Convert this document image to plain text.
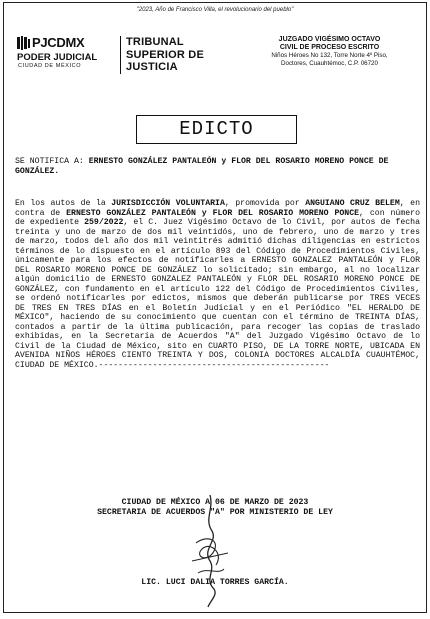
"2023, Año de Francisco Villa, el revolucionario del pueblo"
PJCDMX
PODER JUDICIAL
CIUDAD DE MÉXICO
TRIBUNAL
SUPERIOR DE
JUSTICIA
JUZGADO VIGÉSIMO OCTAVO
CIVIL DE PROCESO ESCRITO
Niños Héroes No 132, Torre Norte 4º Piso,
Doctores, Cuauhtémoc, C.P. 06720
EDICTO
SE NOTIFICA A: ERNESTO GONZÁLEZ PANTALEÓN y FLOR DEL ROSARIO MORENO PONCE DE GONZÁLEZ.
En los autos de la JURISDICCIÓN VOLUNTARIA, promovida por ANGUIANO CRUZ BELEM, en contra de ERNESTO GONZÁLEZ PANTALEÓN y FLOR DEL ROSARIO MORENO PONCE, con número de expediente 259/2022, el C. Juez Vigésimo Octavo de lo Civil, por autos de fecha treinta y uno de marzo de dos mil veintidós, uno de febrero, uno de marzo y tres de marzo, todos del año dos mil veintitrés admitió dichas diligencias en estrictos términos de lo dispuesto en el artículo 893 del Código de Procedimientos Civiles, únicamente para los efectos de notificarles a ERNESTO GONZALEZ PANTALEÓN y FLOR DEL ROSARIO MORENO PONCE DE GONZÁLEZ lo solicitado; sin embargo, al no localizar algún domicilio de ERNESTO GONZALEZ PANTALEÓN y FLOR DEL ROSARIO MORENO PONCE DE GONZÁLEZ, con fundamento en el artículo 122 del Código de Procedimientos Civiles, se ordenó notificarles por edictos, mismos que deberán publicarse por TRES VECES DE TRES EN TRES DÍAS en el Boletín Judicial y en el Periódico "EL HERALDO DE MÉXICO", haciendo de su conocimiento que cuentan con el término de TREINTA DÍAS, contados a partir de la última publicación, para recoger las copias de traslado exhibidas, en la Secretaría de Acuerdos "A" del Juzgado Vigésimo Octavo de lo Civil de la Ciudad de México, sito en CUARTO PISO, DE LA TORRE NORTE, UBICADA EN AVENIDA NIÑOS HÉROES CIENTO TREINTA Y DOS, COLONIA DOCTORES ALCALDÍA CUAUHTÉMOC, CIUDAD DE MÉXICO.-----------------------------------------------
CIUDAD DE MÉXICO A 06 DE MARZO DE 2023
SECRETARIA DE ACUERDOS "A" POR MINISTERIO DE LEY
LIC. LUCI DALIA TORRES GARCÍA.
